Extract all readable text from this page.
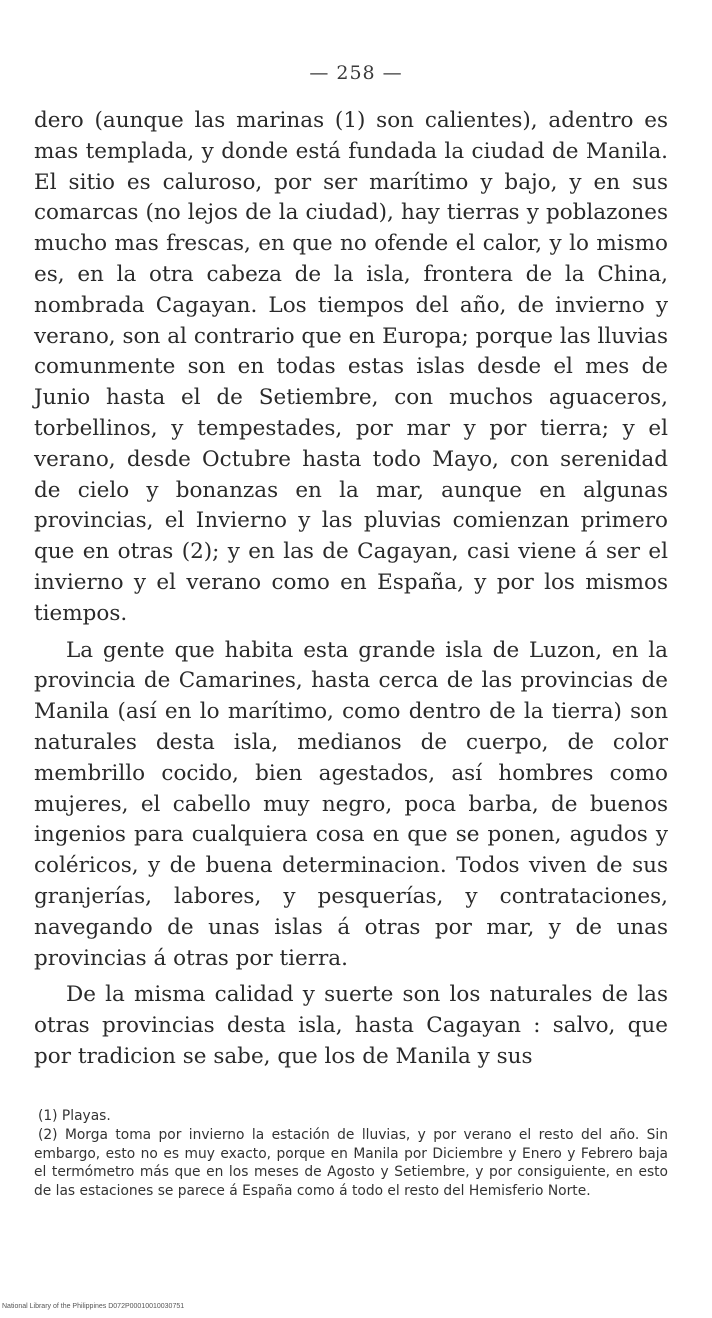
— 258 —

dero (aunque las marinas (1) son calientes), adentro es mas templada, y donde está fundada la ciudad de Manila. El sitio es caluroso, por ser marítimo y bajo, y en sus comarcas (no lejos de la ciudad), hay tierras y poblazones mucho mas frescas, en que no ofende el calor, y lo mismo es, en la otra cabeza de la isla, frontera de la China, nombrada Cagayan. Los tiempos del año, de invierno y verano, son al contrario que en Europa; porque las lluvias comunmente son en todas estas islas desde el mes de Junio hasta el de Setiembre, con muchos aguaceros, torbellinos, y tempestades, por mar y por tierra; y el verano, desde Octubre hasta todo Mayo, con serenidad de cielo y bonanzas en la mar, aunque en algunas provincias, el Invierno y las pluvias comienzan primero que en otras (2); y en las de Cagayan, casi viene á ser el invierno y el verano como en España, y por los mismos tiempos.

La gente que habita esta grande isla de Luzon, en la provincia de Camarines, hasta cerca de las provincias de Manila (así en lo marítimo, como dentro de la tierra) son naturales desta isla, medianos de cuerpo, de color membrillo cocido, bien agestados, así hombres como mujeres, el cabello muy negro, poca barba, de buenos ingenios para cualquiera cosa en que se ponen, agudos y coléricos, y de buena determinacion. Todos viven de sus granjerías, labores, y pesquerías, y contrataciones, navegando de unas islas á otras por mar, y de unas provincias á otras por tierra.

De la misma calidad y suerte son los naturales de las otras provincias desta isla, hasta Cagayan : salvo, que por tradicion se sabe, que los de Manila y sus

(1) Playas.

(2) Morga toma por invierno la estación de lluvias, y por verano el resto del año. Sin embargo, esto no es muy exacto, porque en Manila por Diciembre y Enero y Febrero baja el termómetro más que en los meses de Agosto y Setiembre, y por consiguiente, en esto de las estaciones se parece á España como á todo el resto del Hemisferio Norte.

National Library of the Philippines D072P00010010030751
